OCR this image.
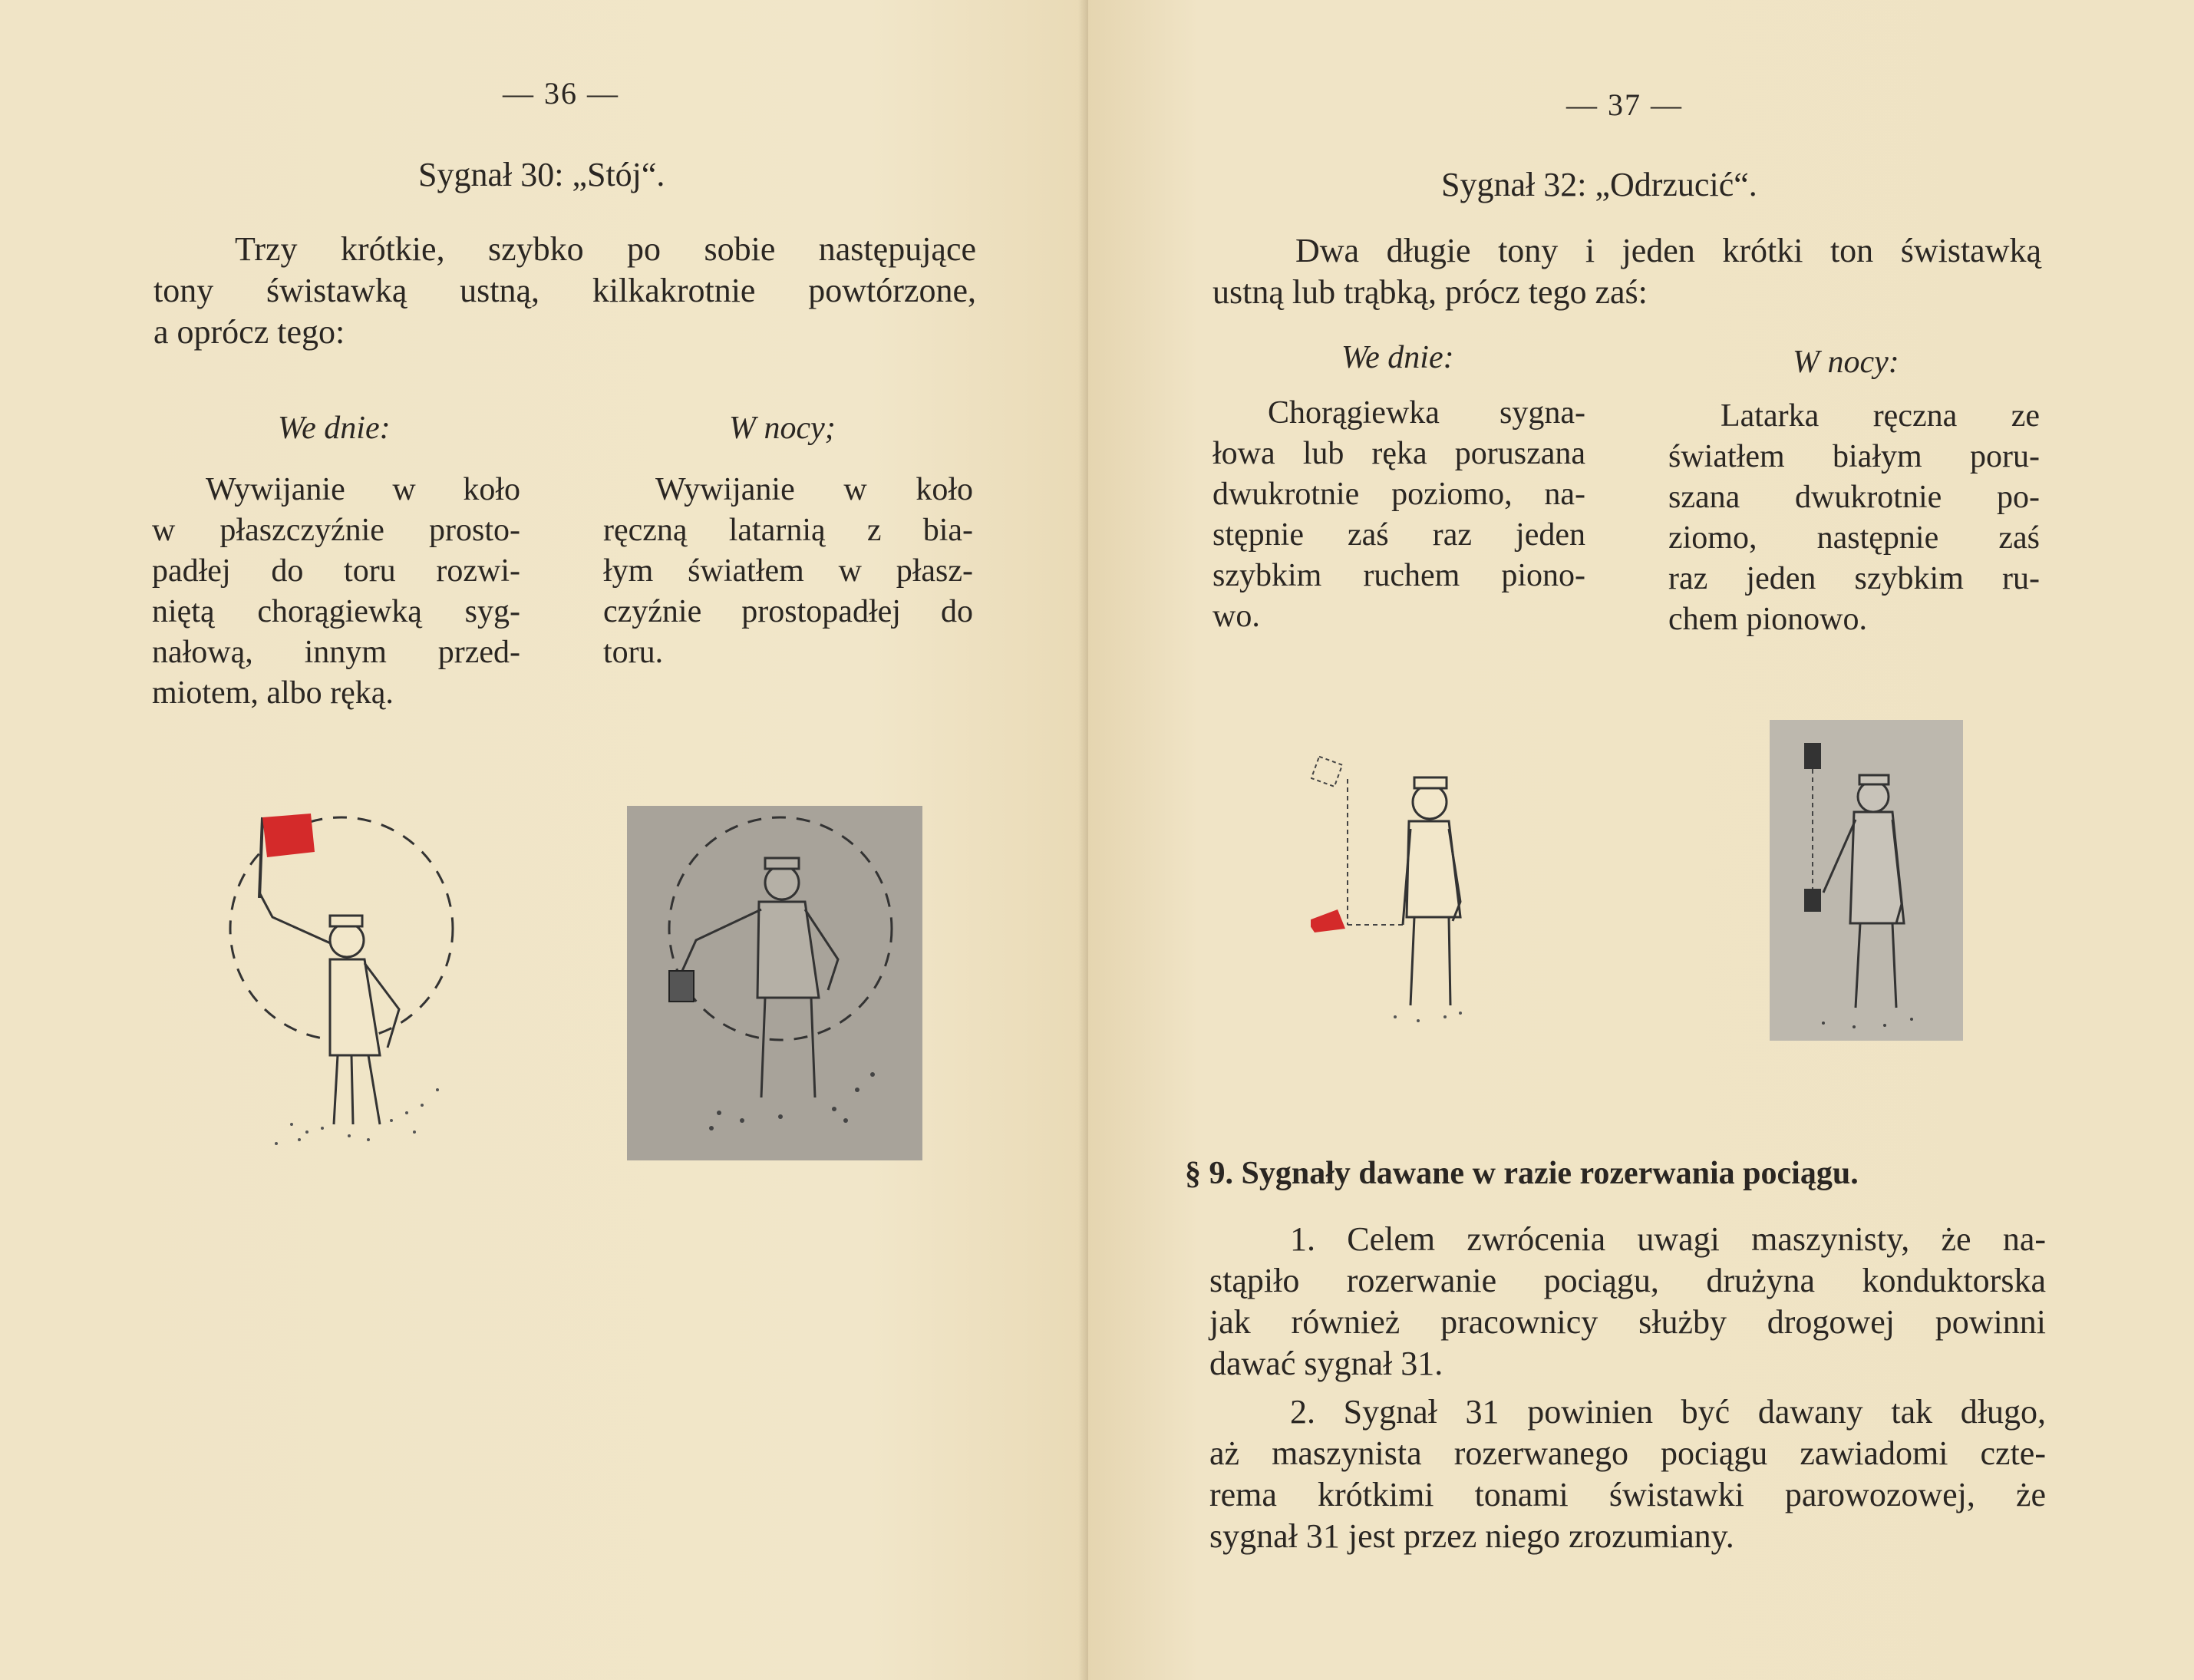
— 36 —
Sygnał 30: „Stój“.
Trzy krótkie, szybko po sobie następujące
tony świstawką ustną, kilkakrotnie powtórzone,
a oprócz tego:
We dnie:	W nocy;
Wywijanie w koło
w płaszczyźnie prosto-
padłej do toru rozwi-
niętą chorągiewką syg-
nałową, innym przed-
miotem, albo ręką.
Wywijanie w koło
ręczną latarnią z bia-
łym światłem w płasz-
czyźnie prostopadłej do
toru.
— 37 —
Sygnał 32: „Odrzucić“.
Dwa długie tony i jeden krótki ton świstawką
ustną lub trąbką, prócz tego zaś:
We dnie:	W nocy:
Chorągiewka sygna-
łowa lub ręka poruszana
dwukrotnie poziomo, na-
stępnie zaś raz jeden
szybkim ruchem piono-
wo.
Latarka ręczna ze
światłem białym poru-
szana dwukrotnie po-
ziomo, następnie zaś
raz jeden szybkim ru-
chem pionowo.
§ 9. Sygnały dawane w razie rozerwania pociągu.
1. Celem zwrócenia uwagi maszynisty, że na-
stąpiło rozerwanie pociągu, drużyna konduktorska
jak również pracownicy służby drogowej powinni
dawać sygnał 31.
2. Sygnał 31 powinien być dawany tak długo,
aż maszynista rozerwanego pociągu zawiadomi czte-
rema krótkimi tonami świstawki parowozowej, że
sygnał 31 jest przez niego zrozumiany.
